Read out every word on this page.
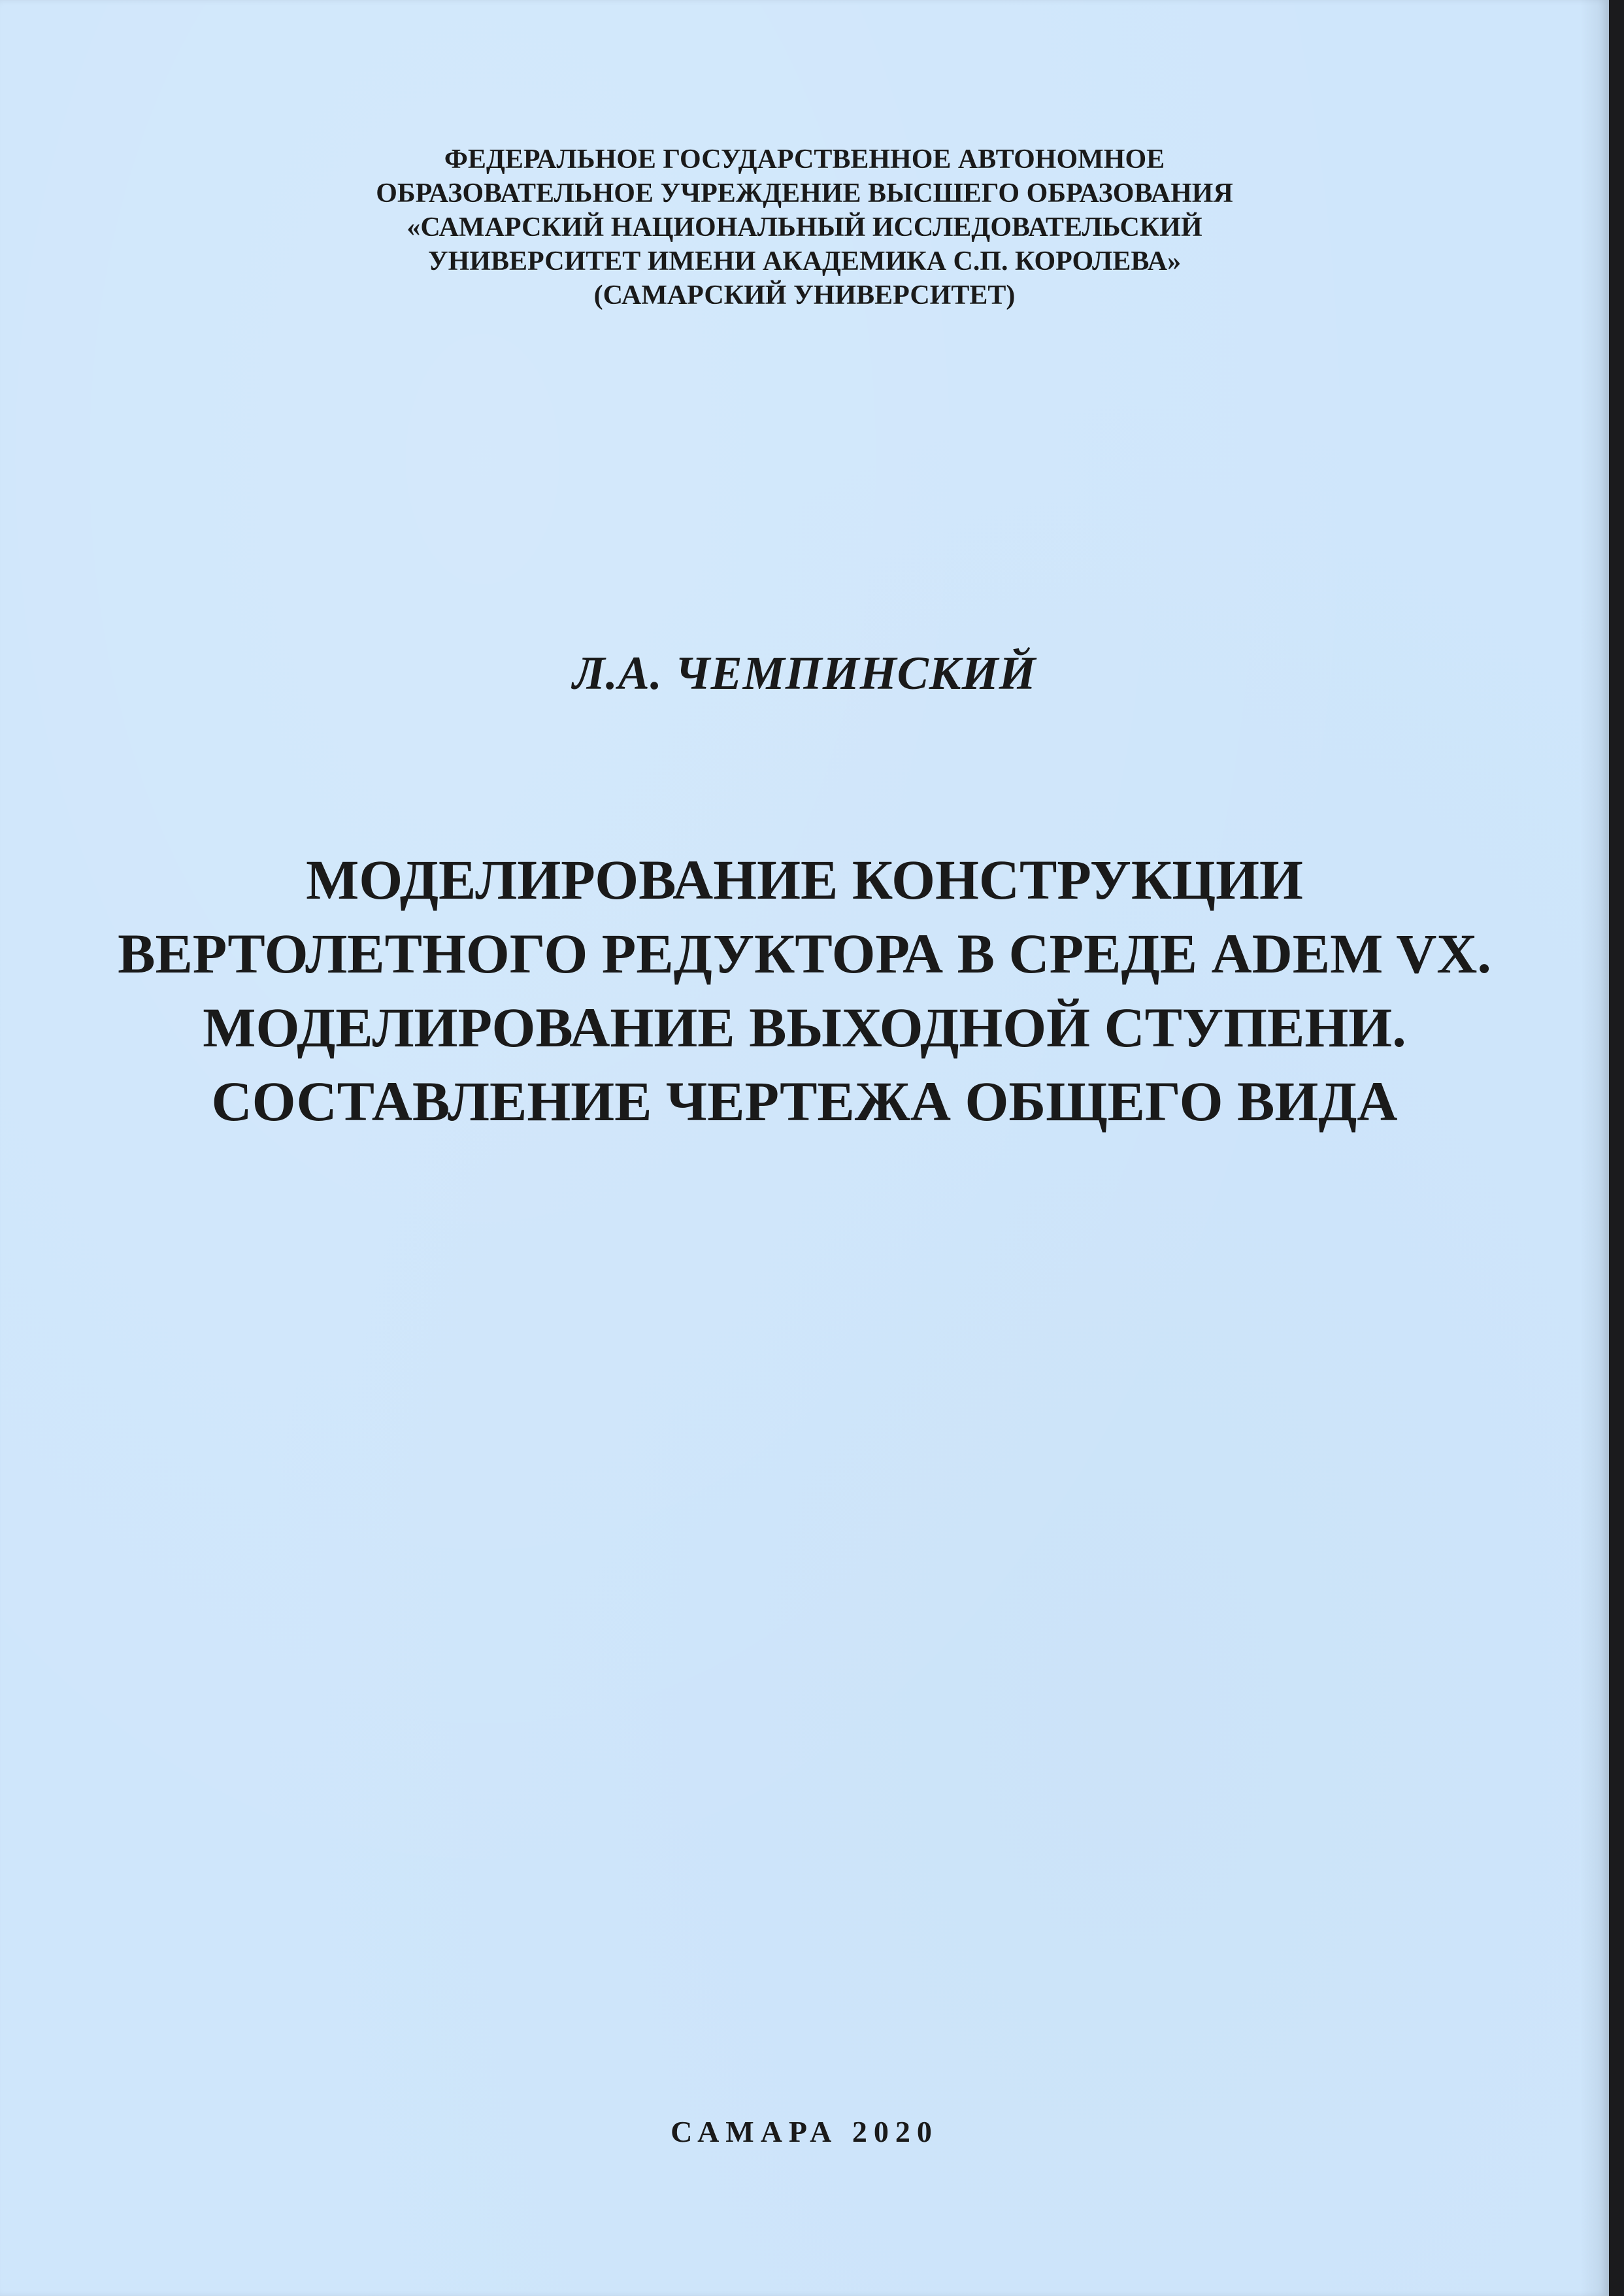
ФЕДЕРАЛЬНОЕ ГОСУДАРСТВЕННОЕ АВТОНОМНОЕ
ОБРАЗОВАТЕЛЬНОЕ УЧРЕЖДЕНИЕ ВЫСШЕГО ОБРАЗОВАНИЯ
«САМАРСКИЙ НАЦИОНАЛЬНЫЙ ИССЛЕДОВАТЕЛЬСКИЙ
УНИВЕРСИТЕТ ИМЕНИ АКАДЕМИКА С.П. КОРОЛЕВА»
(САМАРСКИЙ УНИВЕРСИТЕТ)
Л.А. ЧЕМПИНСКИЙ
МОДЕЛИРОВАНИЕ КОНСТРУКЦИИ
ВЕРТОЛЕТНОГО РЕДУКТОРА В СРЕДЕ ADEM VX.
МОДЕЛИРОВАНИЕ ВЫХОДНОЙ СТУПЕНИ.
СОСТАВЛЕНИЕ ЧЕРТЕЖА ОБЩЕГО ВИДА
САМАРА 2020
